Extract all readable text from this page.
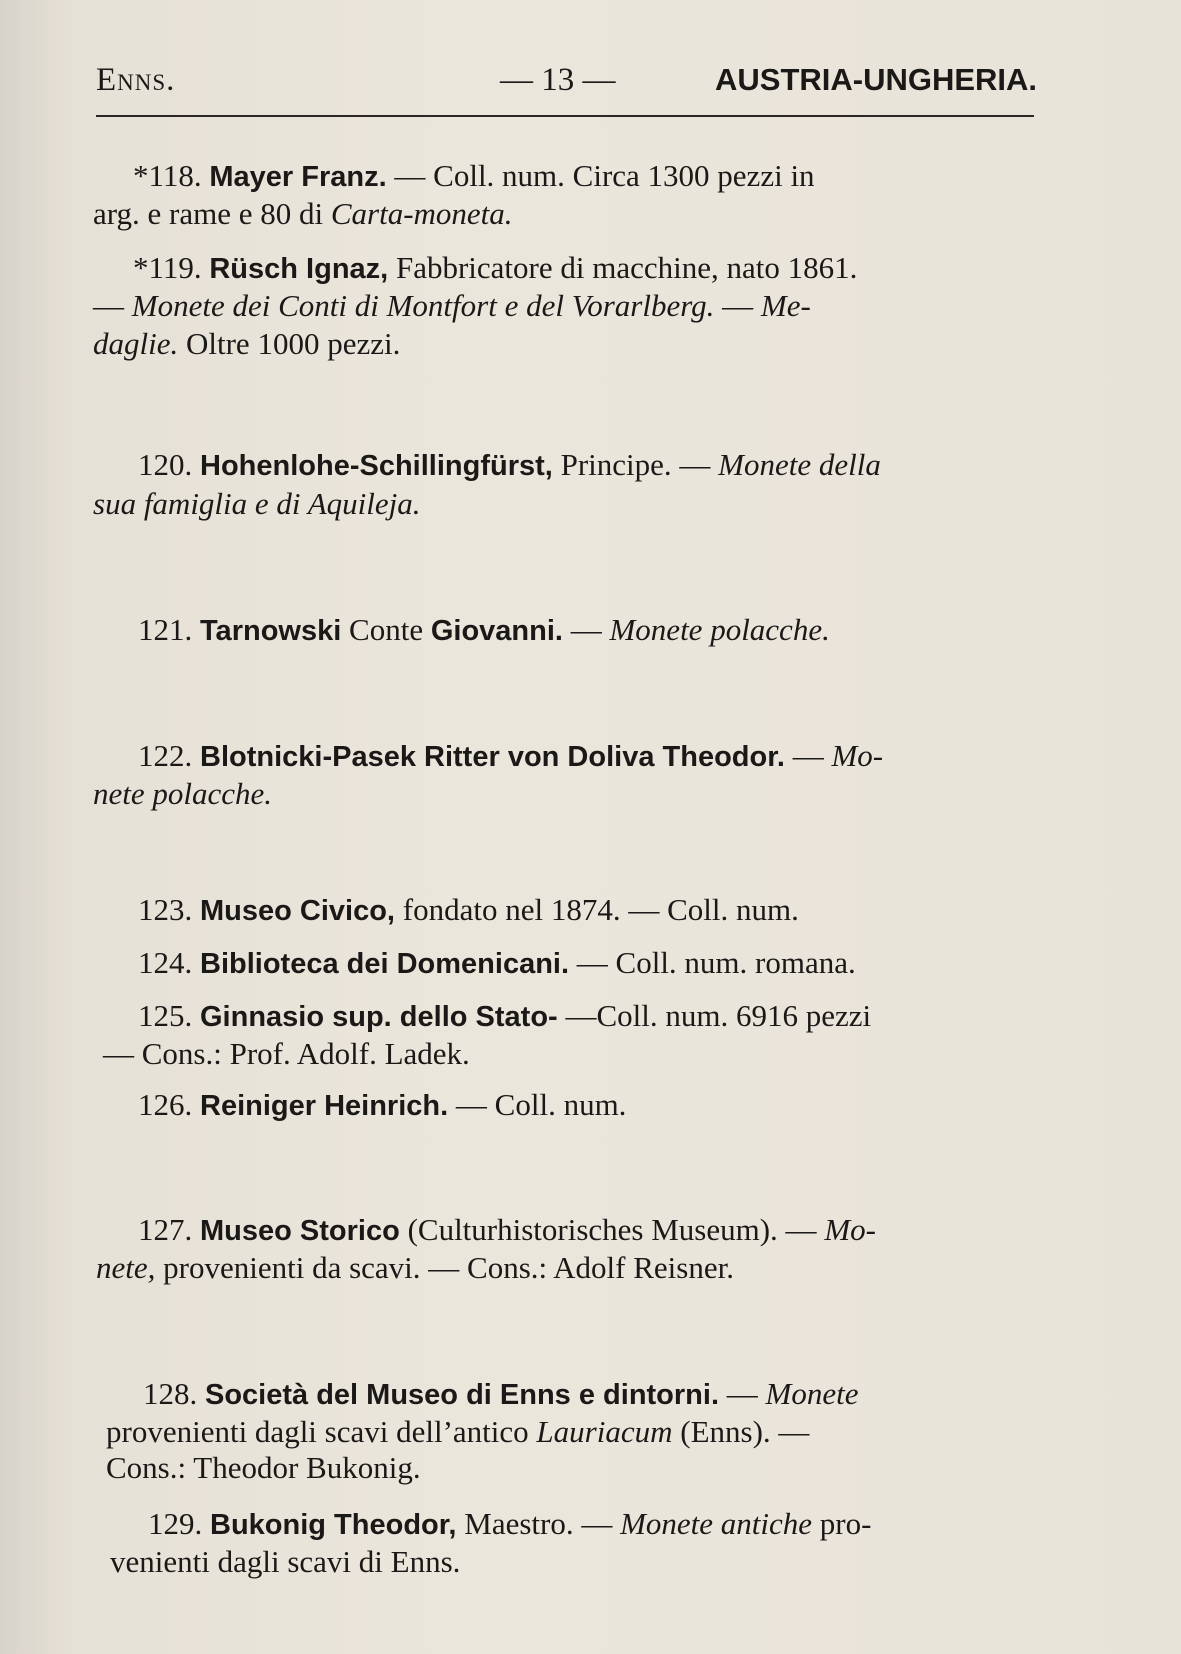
Enns.	— 13 —	AUSTRIA-UNGHERIA.
*118. Mayer Franz. — Coll. num. Circa 1300 pezzi in
arg. e rame e 80 di Carta-moneta.
*119. Rüsch Ignaz, Fabbricatore di macchine, nato 1861.
— Monete dei Conti di Montfort e del Vorarlberg. — Me-
daglie. Oltre 1000 pezzi.
120. Hohenlohe-Schillingfürst, Principe. — Monete della
sua famiglia e di Aquileja.
121. Tarnowski Conte Giovanni. — Monete polacche.
122. Blotnicki-Pasek Ritter von Doliva Theodor. — Mo-
nete polacche.
123. Museo Civico, fondato nel 1874. — Coll. num.
124. Biblioteca dei Domenicani. — Coll. num. romana.
125. Ginnasio sup. dello Stato- —Coll. num. 6916 pezzi
— Cons.: Prof. Adolf. Ladek.
126. Reiniger Heinrich. — Coll. num.
127. Museo Storico (Culturhistorisches Museum). — Mo-
nete, provenienti da scavi. — Cons.: Adolf Reisner.
128. Società del Museo di Enns e dintorni. — Monete
provenienti dagli scavi dell’antico Lauriacum (Enns). —
Cons.: Theodor Bukonig.
129. Bukonig Theodor, Maestro. — Monete antiche pro-
venienti dagli scavi di Enns.
